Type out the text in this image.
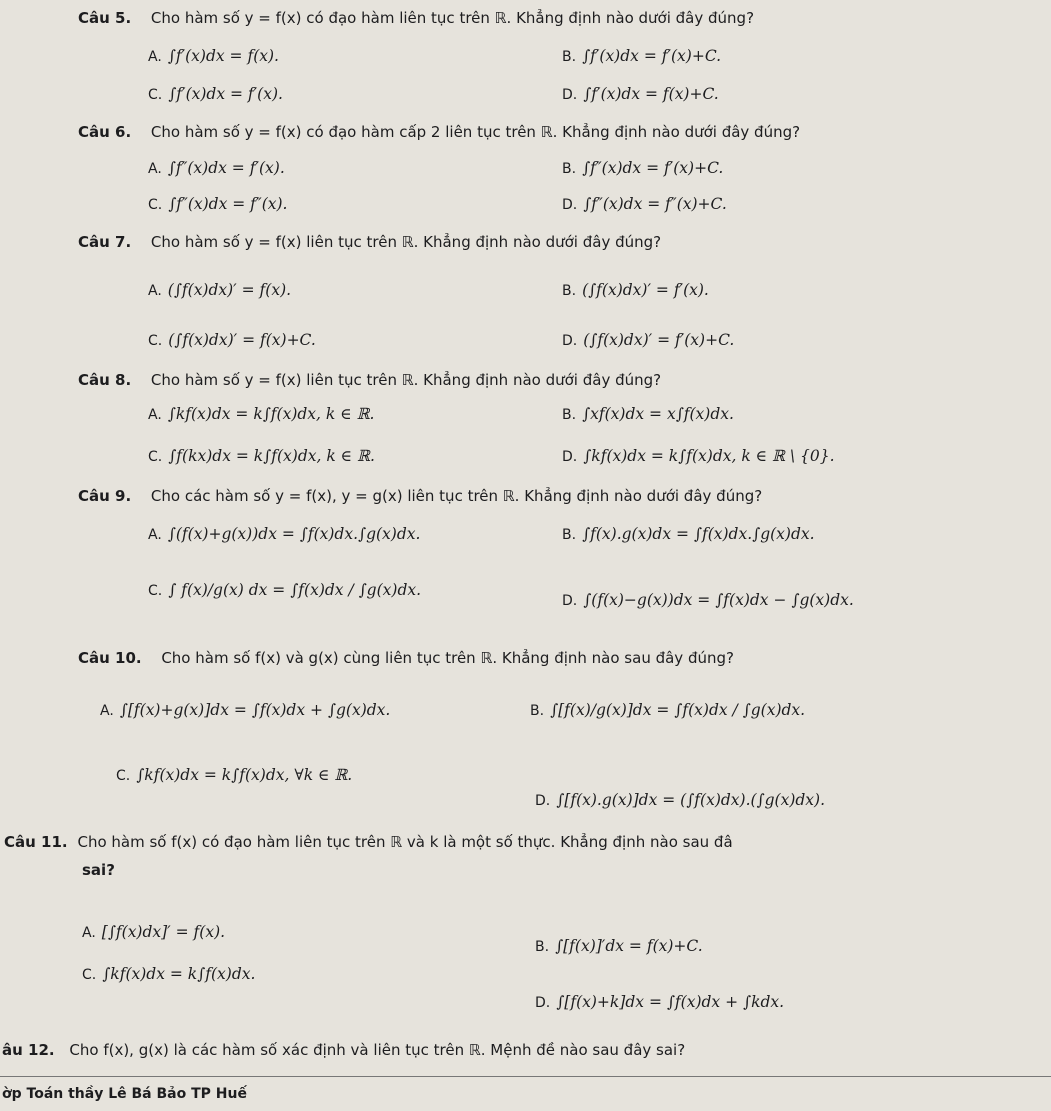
Câu 5. Cho hàm số y = f(x) có đạo hàm liên tục trên ℝ. Khẳng định nào dưới đây đúng?
A. ∫f′(x)dx = f(x).	B. ∫f′(x)dx = f′(x)+C.
C. ∫f′(x)dx = f′(x).	D. ∫f′(x)dx = f(x)+C.
Câu 6. Cho hàm số y = f(x) có đạo hàm cấp 2 liên tục trên ℝ. Khẳng định nào dưới đây đúng?
A. ∫f″(x)dx = f′(x).	B. ∫f″(x)dx = f′(x)+C.
C. ∫f″(x)dx = f″(x).	D. ∫f″(x)dx = f″(x)+C.
Câu 7. Cho hàm số y = f(x) liên tục trên ℝ. Khẳng định nào dưới đây đúng?
A. (∫f(x)dx)′ = f(x).	B. (∫f(x)dx)′ = f′(x).
C. (∫f(x)dx)′ = f(x)+C.	D. (∫f(x)dx)′ = f′(x)+C.
Câu 8. Cho hàm số y = f(x) liên tục trên ℝ. Khẳng định nào dưới đây đúng?
A. ∫kf(x)dx = k∫f(x)dx, k ∈ ℝ.	B. ∫xf(x)dx = x∫f(x)dx.
C. ∫f(kx)dx = k∫f(x)dx, k ∈ ℝ.	D. ∫kf(x)dx = k∫f(x)dx, k ∈ ℝ \ {0}.
Câu 9. Cho các hàm số y = f(x), y = g(x) liên tục trên ℝ. Khẳng định nào dưới đây đúng?
A. ∫(f(x)+g(x))dx = ∫f(x)dx.∫g(x)dx.	B. ∫f(x).g(x)dx = ∫f(x)dx.∫g(x)dx.
C. ∫ f(x)/g(x) dx = ∫f(x)dx / ∫g(x)dx.
D. ∫(f(x)−g(x))dx = ∫f(x)dx − ∫g(x)dx.
Câu 10. Cho hàm số f(x) và g(x) cùng liên tục trên ℝ. Khẳng định nào sau đây đúng?
A. ∫[f(x)+g(x)]dx = ∫f(x)dx + ∫g(x)dx.	B. ∫[f(x)/g(x)]dx = ∫f(x)dx / ∫g(x)dx.
C. ∫kf(x)dx = k∫f(x)dx, ∀k ∈ ℝ.
D. ∫[f(x).g(x)]dx = (∫f(x)dx).(∫g(x)dx).
Câu 11. Cho hàm số f(x) có đạo hàm liên tục trên ℝ và k là một số thực. Khẳng định nào sau đâ
sai?
A. [∫f(x)dx]′ = f(x).
B. ∫[f(x)]′dx = f(x)+C.
C. ∫kf(x)dx = k∫f(x)dx.
D. ∫[f(x)+k]dx = ∫f(x)dx + ∫kdx.
âu 12. Cho f(x), g(x) là các hàm số xác định và liên tục trên ℝ. Mệnh đề nào sau đây sai?
ờp Toán thầy Lê Bá Bảo TP Huế
